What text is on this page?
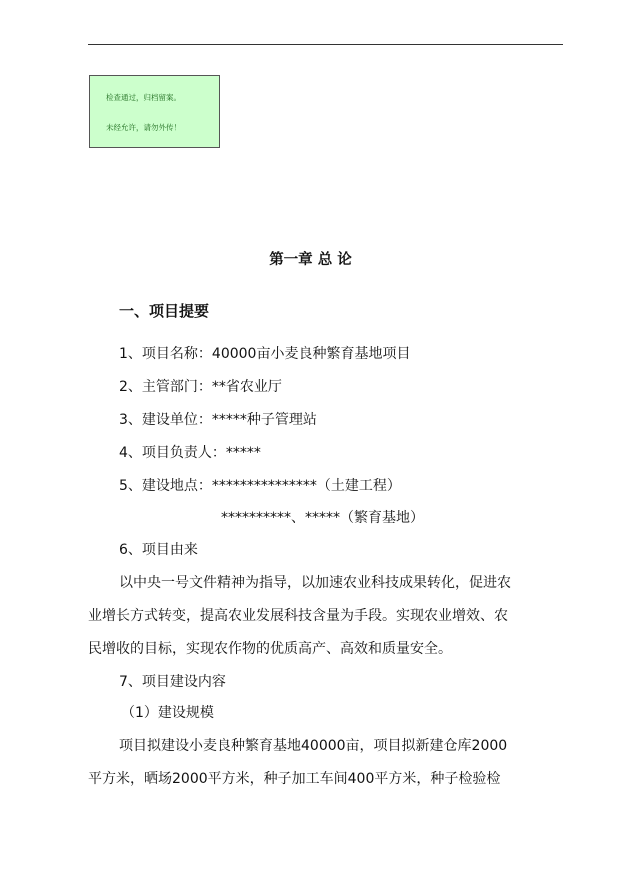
检查通过，归档留案。
未经允许，请勿外传！
第一章 总 论
一、项目提要
1、项目名称：40000亩小麦良种繁育基地项目
2、主管部门：**省农业厅
3、建设单位：*****种子管理站
4、项目负责人：*****
5、建设地点：***************（土建工程）
**********、*****（繁育基地）
6、项目由来
以中央一号文件精神为指导，以加速农业科技成果转化，促进农
业增长方式转变，提高农业发展科技含量为手段。实现农业增效、农
民增收的目标，实现农作物的优质高产、高效和质量安全。
7、项目建设内容
（1）建设规模
项目拟建设小麦良种繁育基地40000亩，项目拟新建仓库2000
平方米，晒场2000平方米，种子加工车间400平方米，种子检验检
